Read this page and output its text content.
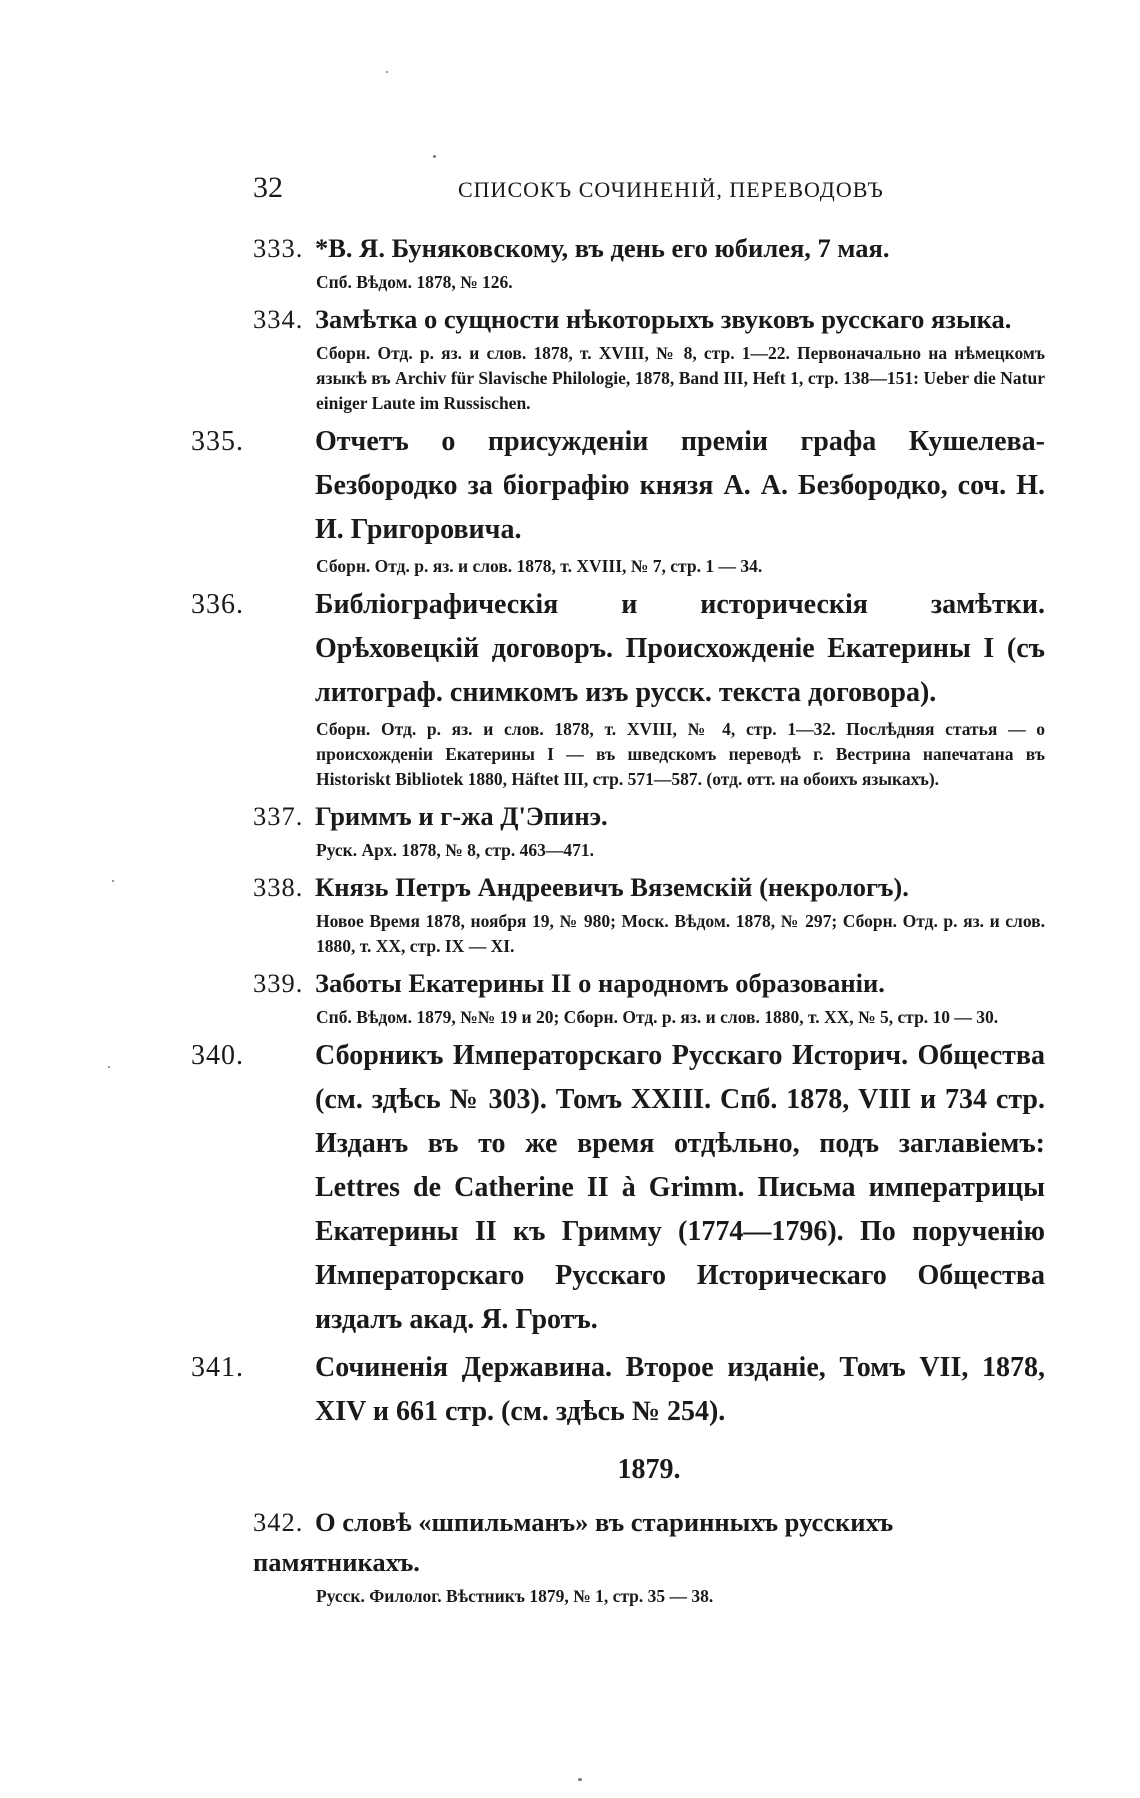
32	СПИСОКЪ СОЧИНЕНІЙ, ПЕРЕВОДОВЪ
333. *В. Я. Буняковскому, въ день его юбилея, 7 мая.
Спб. Вѣдом. 1878, № 126.
334. Замѣтка о сущности нѣкоторыхъ звуковъ русскаго языка.
Сборн. Отд. р. яз. и слов. 1878, т. XVIII, № 8, стр. 1—22. Первоначально на нѣмецкомъ языкѣ въ Archiv für Slavische Philologie, 1878, Band III, Heft 1, стр. 138—151: Ueber die Natur einiger Laute im Russischen.
335.	Отчетъ о присужденіи преміи графа Кушелева-Безбородко за біографію князя А. А. Безбородко, соч. Н. И. Григоровича.
Сборн. Отд. р. яз. и слов. 1878, т. XVIII, № 7, стр. 1 — 34.
336.	Библіографическія и историческія замѣтки. Орѣховецкій договоръ. Происхожденіе Екатерины I (съ литограф. снимкомъ изъ русск. текста договора).
Сборн. Отд. р. яз. и слов. 1878, т. XVIII, № 4, стр. 1—32. Послѣдняя статья — о происхожденіи Екатерины I — въ шведскомъ переводѣ г. Вестрина напечатана въ Historiskt Bibliotek 1880, Häftet III, стр. 571—587. (отд. отт. на обоихъ языкахъ).
337. Гриммъ и г-жа Д'Эпинэ.
Руск. Арх. 1878, № 8, стр. 463—471.
338. Князь Петръ Андреевичъ Вяземскій (некрологъ).
Новое Время 1878, ноября 19, № 980; Моск. Вѣдом. 1878, № 297; Сборн. Отд. р. яз. и слов. 1880, т. XX, стр. IX — XI.
339. Заботы Екатерины II о народномъ образованіи.
Спб. Вѣдом. 1879, №№ 19 и 20; Сборн. Отд. р. яз. и слов. 1880, т. XX, № 5, стр. 10 — 30.
340.	Сборникъ Императорскаго Русскаго Историч. Общества (см. здѣсь № 303). Томъ XXIII. Спб. 1878, VIII и 734 стр. Изданъ въ то же время отдѣльно, подъ заглавіемъ: Lettres de Catherine II à Grimm. Письма императрицы Екатерины II къ Гримму (1774—1796). По порученію Императорскаго Русскаго Историческаго Общества издалъ акад. Я. Гротъ.
341.	Сочиненія Державина. Второе изданіе, Томъ VII, 1878, XIV и 661 стр. (см. здѣсь № 254).
1879.
342. О словѣ «шпильманъ» въ старинныхъ русскихъ памятникахъ.
Русск. Филолог. Вѣстникъ 1879, № 1, стр. 35 — 38.
